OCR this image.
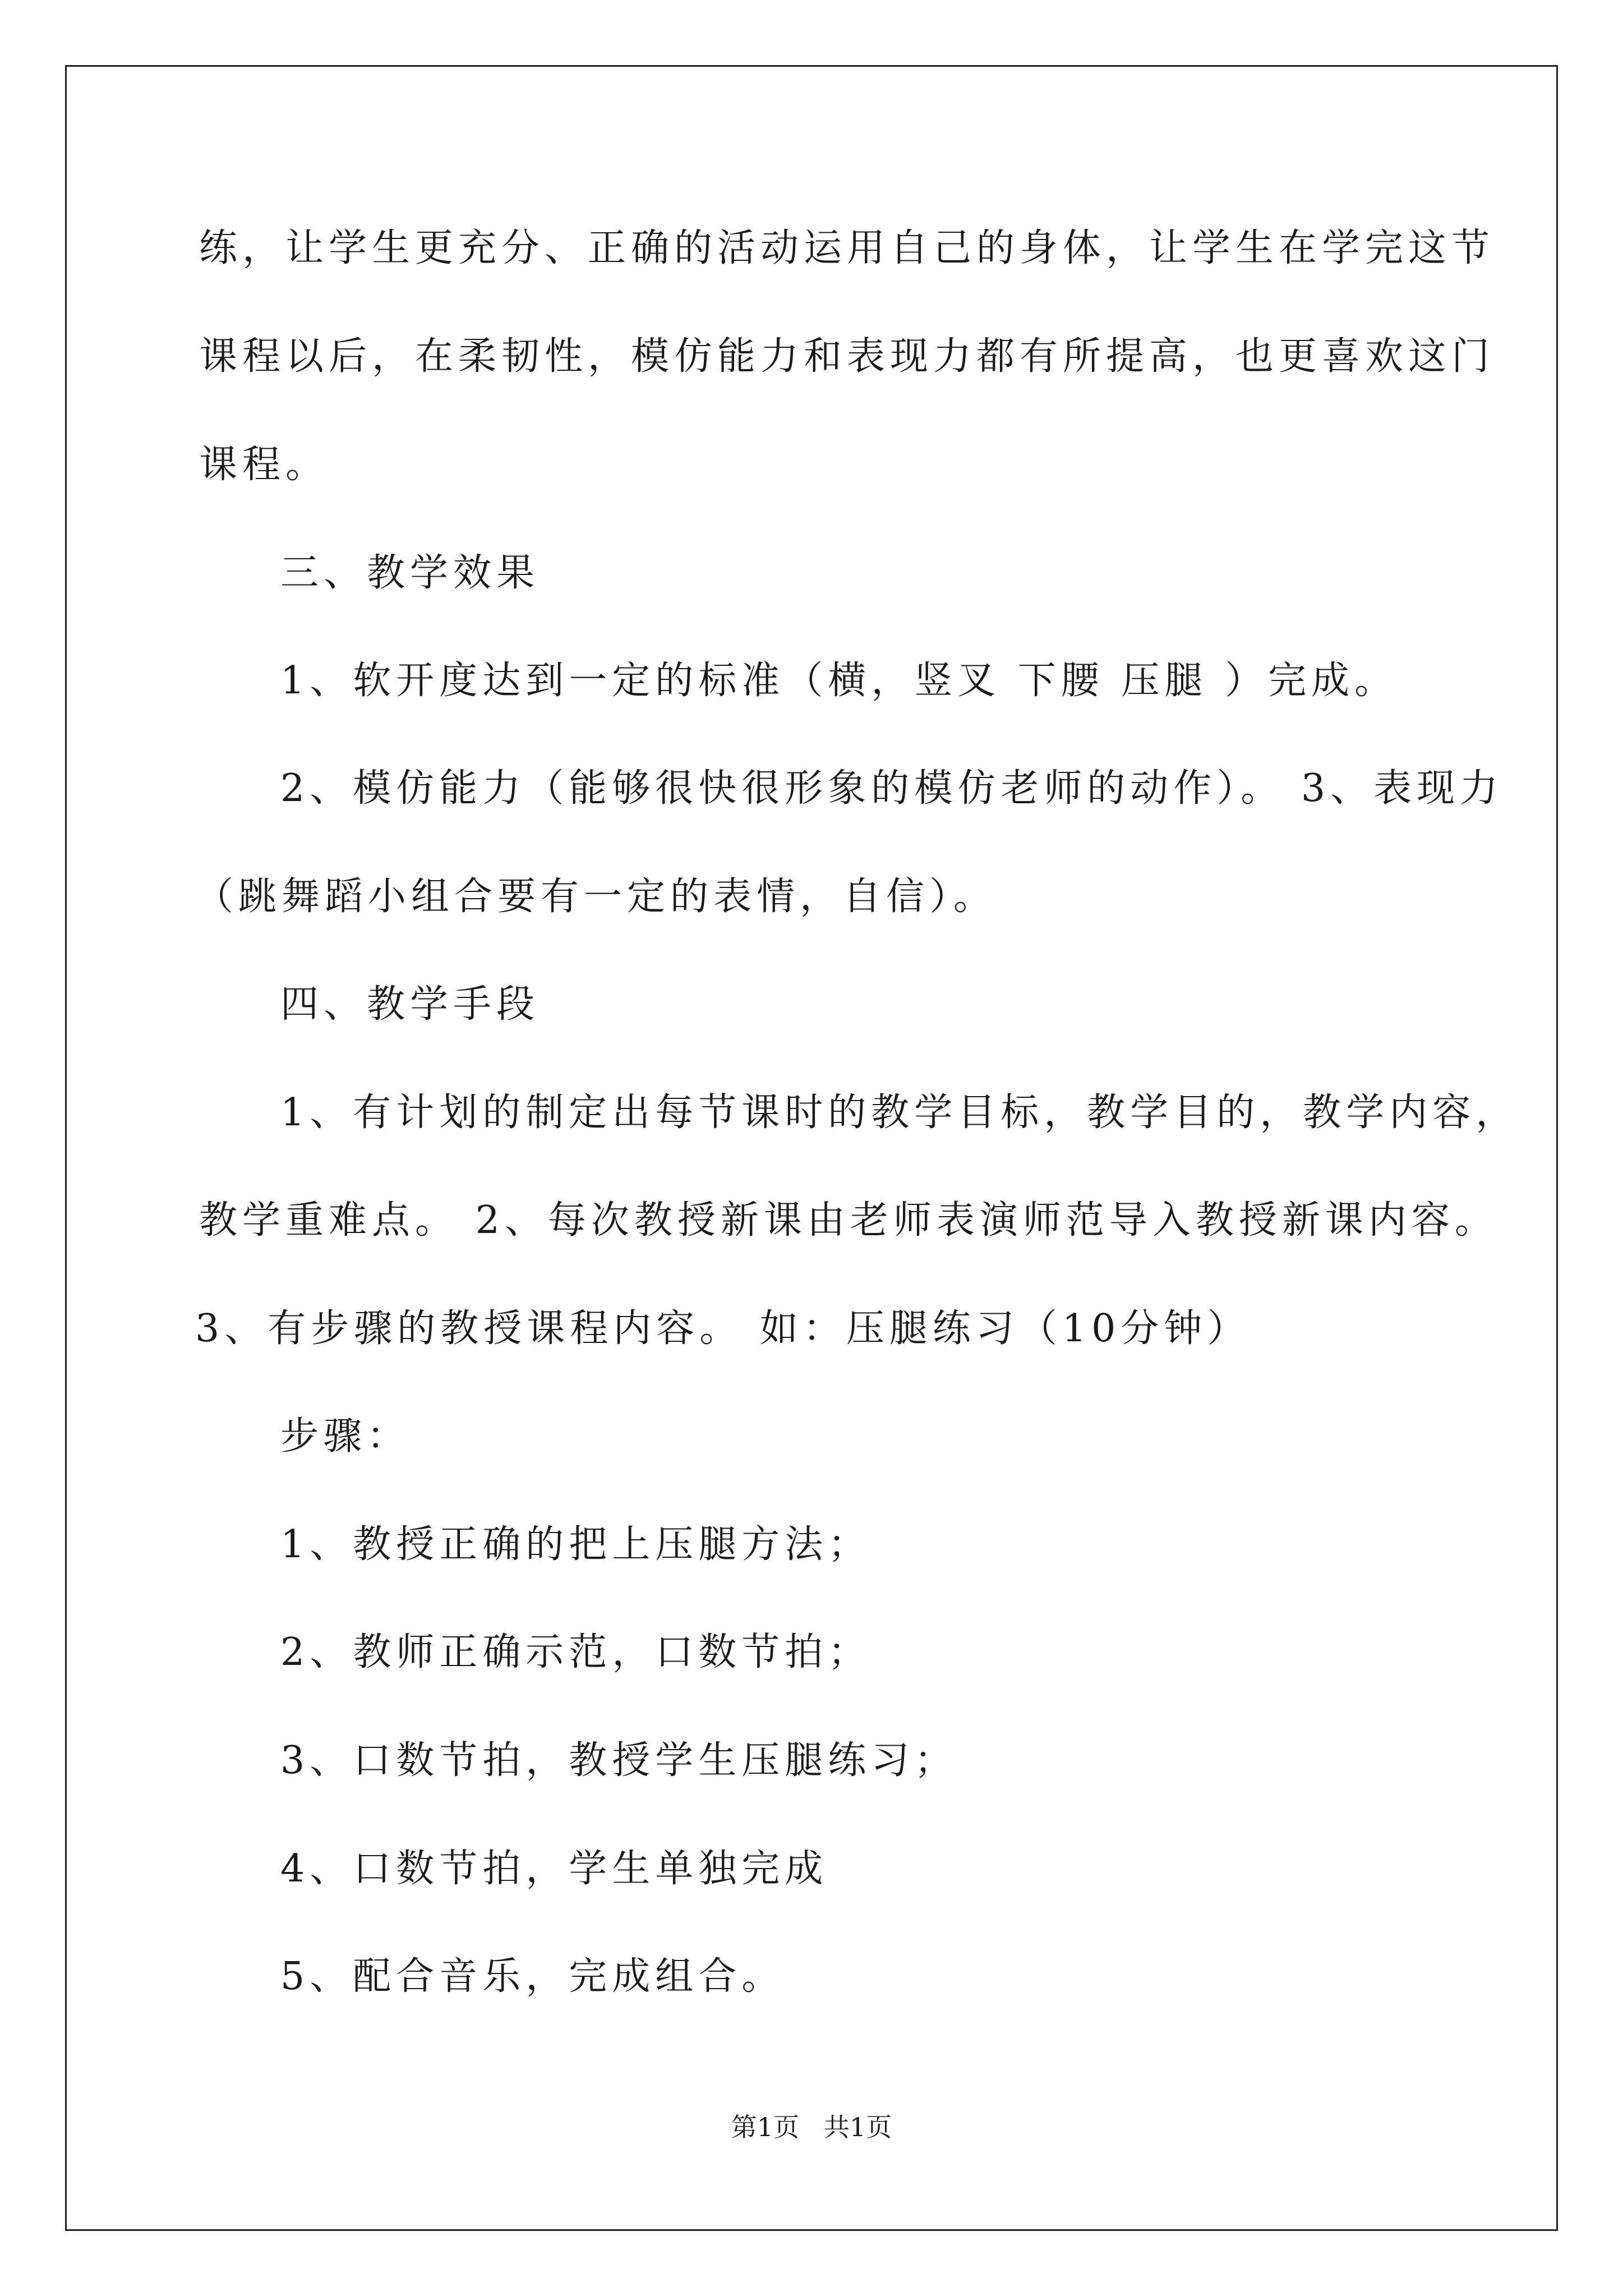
练，让学生更充分、正确的活动运用自己的身体，让学生在学完这节
课程以后，在柔韧性，模仿能力和表现力都有所提高，也更喜欢这门
课程。
三、教学效果
1、软开度达到一定的标准（横，竖叉 下腰 压腿 ）完成。
2、模仿能力（能够很快很形象的模仿老师的动作）。 3、表现力
（跳舞蹈小组合要有一定的表情，自信）。
四、教学手段
1、有计划的制定出每节课时的教学目标，教学目的，教学内容，
教学重难点。 2、每次教授新课由老师表演师范导入教授新课内容。
3、有步骤的教授课程内容。 如：压腿练习（10分钟）
步骤：
1、教授正确的把上压腿方法；
2、教师正确示范，口数节拍；
3、口数节拍，教授学生压腿练习；
4、口数节拍，学生单独完成
5、配合音乐，完成组合。
第1页   共1页
